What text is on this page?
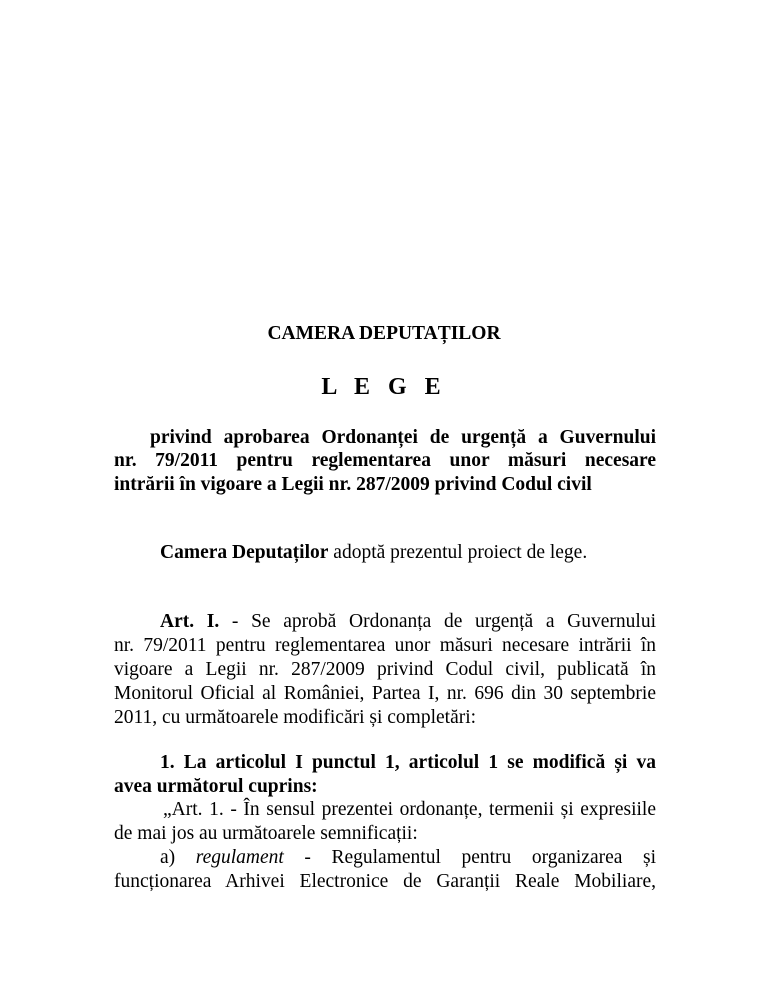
CAMERA DEPUTAȚILOR
L E G E
privind aprobarea Ordonanței de urgență a Guvernului
nr. 79/2011 pentru reglementarea unor măsuri necesare
intrării în vigoare a Legii nr. 287/2009 privind Codul civil
Camera Deputaților adoptă prezentul proiect de lege.
Art. I. - Se aprobă Ordonanța de urgență a Guvernului
nr. 79/2011 pentru reglementarea unor măsuri necesare intrării în
vigoare a Legii nr. 287/2009 privind Codul civil, publicată în
Monitorul Oficial al României, Partea I, nr. 696 din 30 septembrie
2011, cu următoarele modificări și completări:
1. La articolul I punctul 1, articolul 1 se modifică și va
avea următorul cuprins:
„Art. 1. - În sensul prezentei ordonanțe, termenii și expresiile
de mai jos au următoarele semnificații:
a) regulament - Regulamentul pentru organizarea și
funcționarea Arhivei Electronice de Garanții Reale Mobiliare,
